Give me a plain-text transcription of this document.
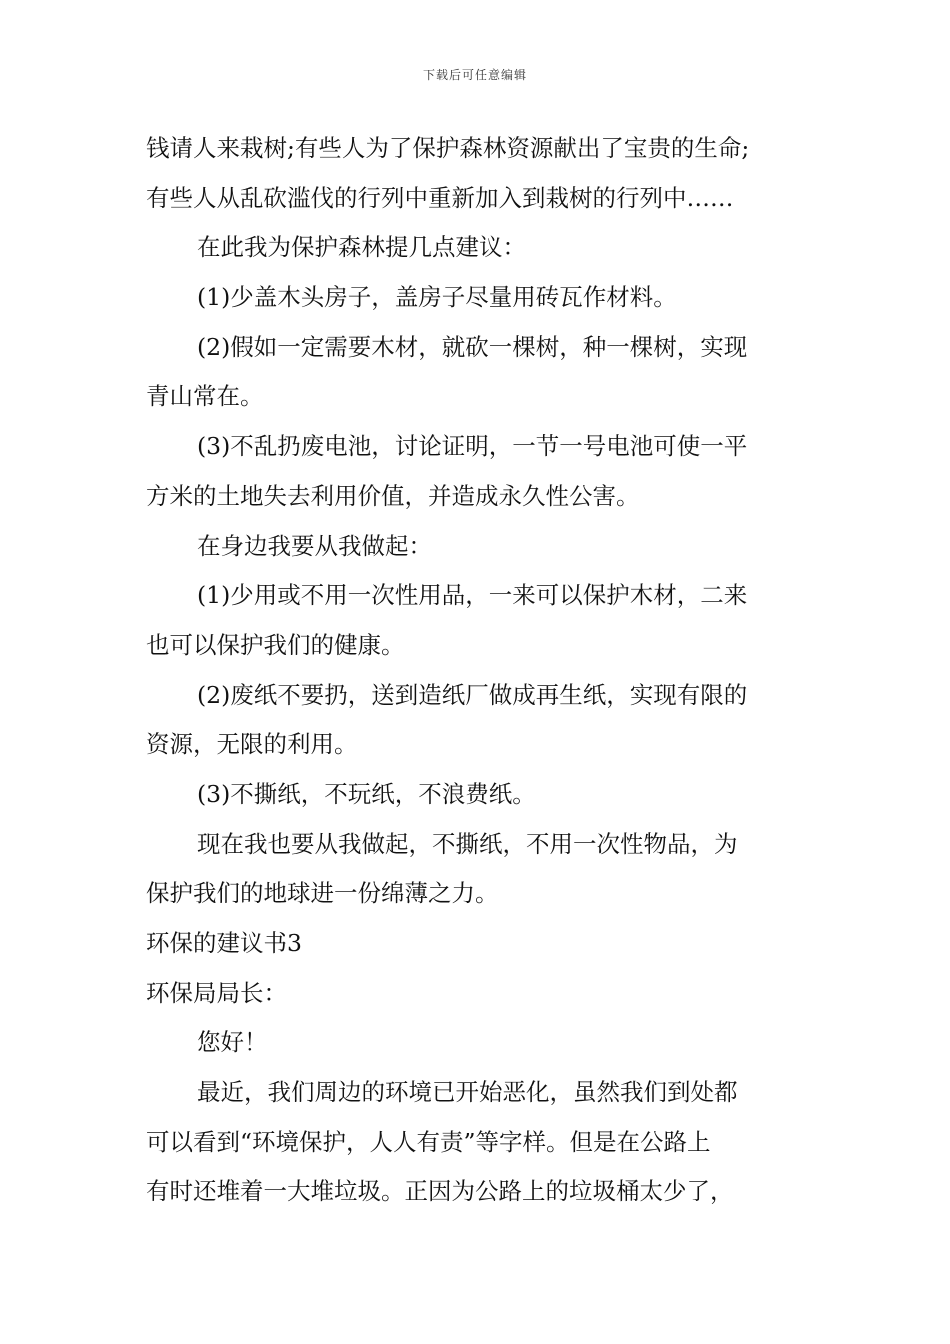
下载后可任意编辑
钱请人来栽树;有些人为了保护森林资源献出了宝贵的生命;
有些人从乱砍滥伐的行列中重新加入到栽树的行列中……
在此我为保护森林提几点建议：
(1)少盖木头房子，盖房子尽量用砖瓦作材料。
(2)假如一定需要木材，就砍一棵树，种一棵树，实现
青山常在。
(3)不乱扔废电池，讨论证明，一节一号电池可使一平
方米的土地失去利用价值，并造成永久性公害。
在身边我要从我做起：
(1)少用或不用一次性用品，一来可以保护木材，二来
也可以保护我们的健康。
(2)废纸不要扔，送到造纸厂做成再生纸，实现有限的
资源，无限的利用。
(3)不撕纸，不玩纸，不浪费纸。
现在我也要从我做起，不撕纸，不用一次性物品，为
保护我们的地球进一份绵薄之力。
环保的建议书3
环保局局长：
您好！
最近，我们周边的环境已开始恶化，虽然我们到处都
可以看到“环境保护，人人有责”等字样。但是在公路上
有时还堆着一大堆垃圾。正因为公路上的垃圾桶太少了，
